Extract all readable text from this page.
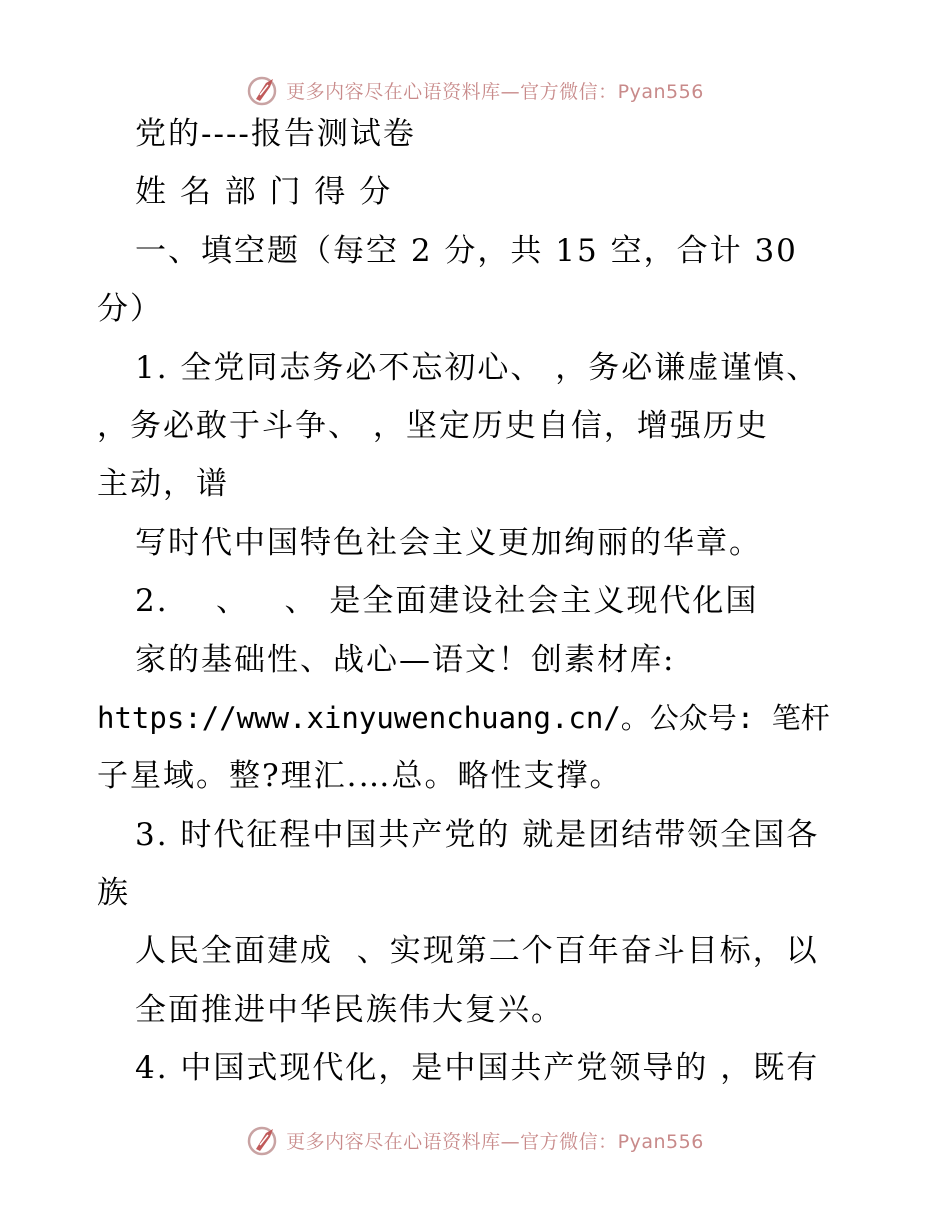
更多内容尽在心语资料库—官方微信：Pyan556
党的----报告测试卷
姓 名 部 门 得 分
一、填空题（每空 2 分，共 15 空，合计 30
分）
1. 全党同志务必不忘初心、 ，务必谦虚谨慎、
，务必敢于斗争、 ，坚定历史自信，增强历史
主动，谱
写时代中国特色社会主义更加绚丽的华章。
2.    、   、 是全面建设社会主义现代化国
家的基础性、战心—语文！创素材库:
https://www.xinyuwenchuang.cn/。公众号: 笔杆
子星域。整?理汇.…总。略性支撑。
3. 时代征程中国共产党的 就是团结带领全国各
族
人民全面建成  、实现第二个百年奋斗目标，以
全面推进中华民族伟大复兴。
4. 中国式现代化，是中国共产党领导的 ，既有
更多内容尽在心语资料库—官方微信：Pyan556
